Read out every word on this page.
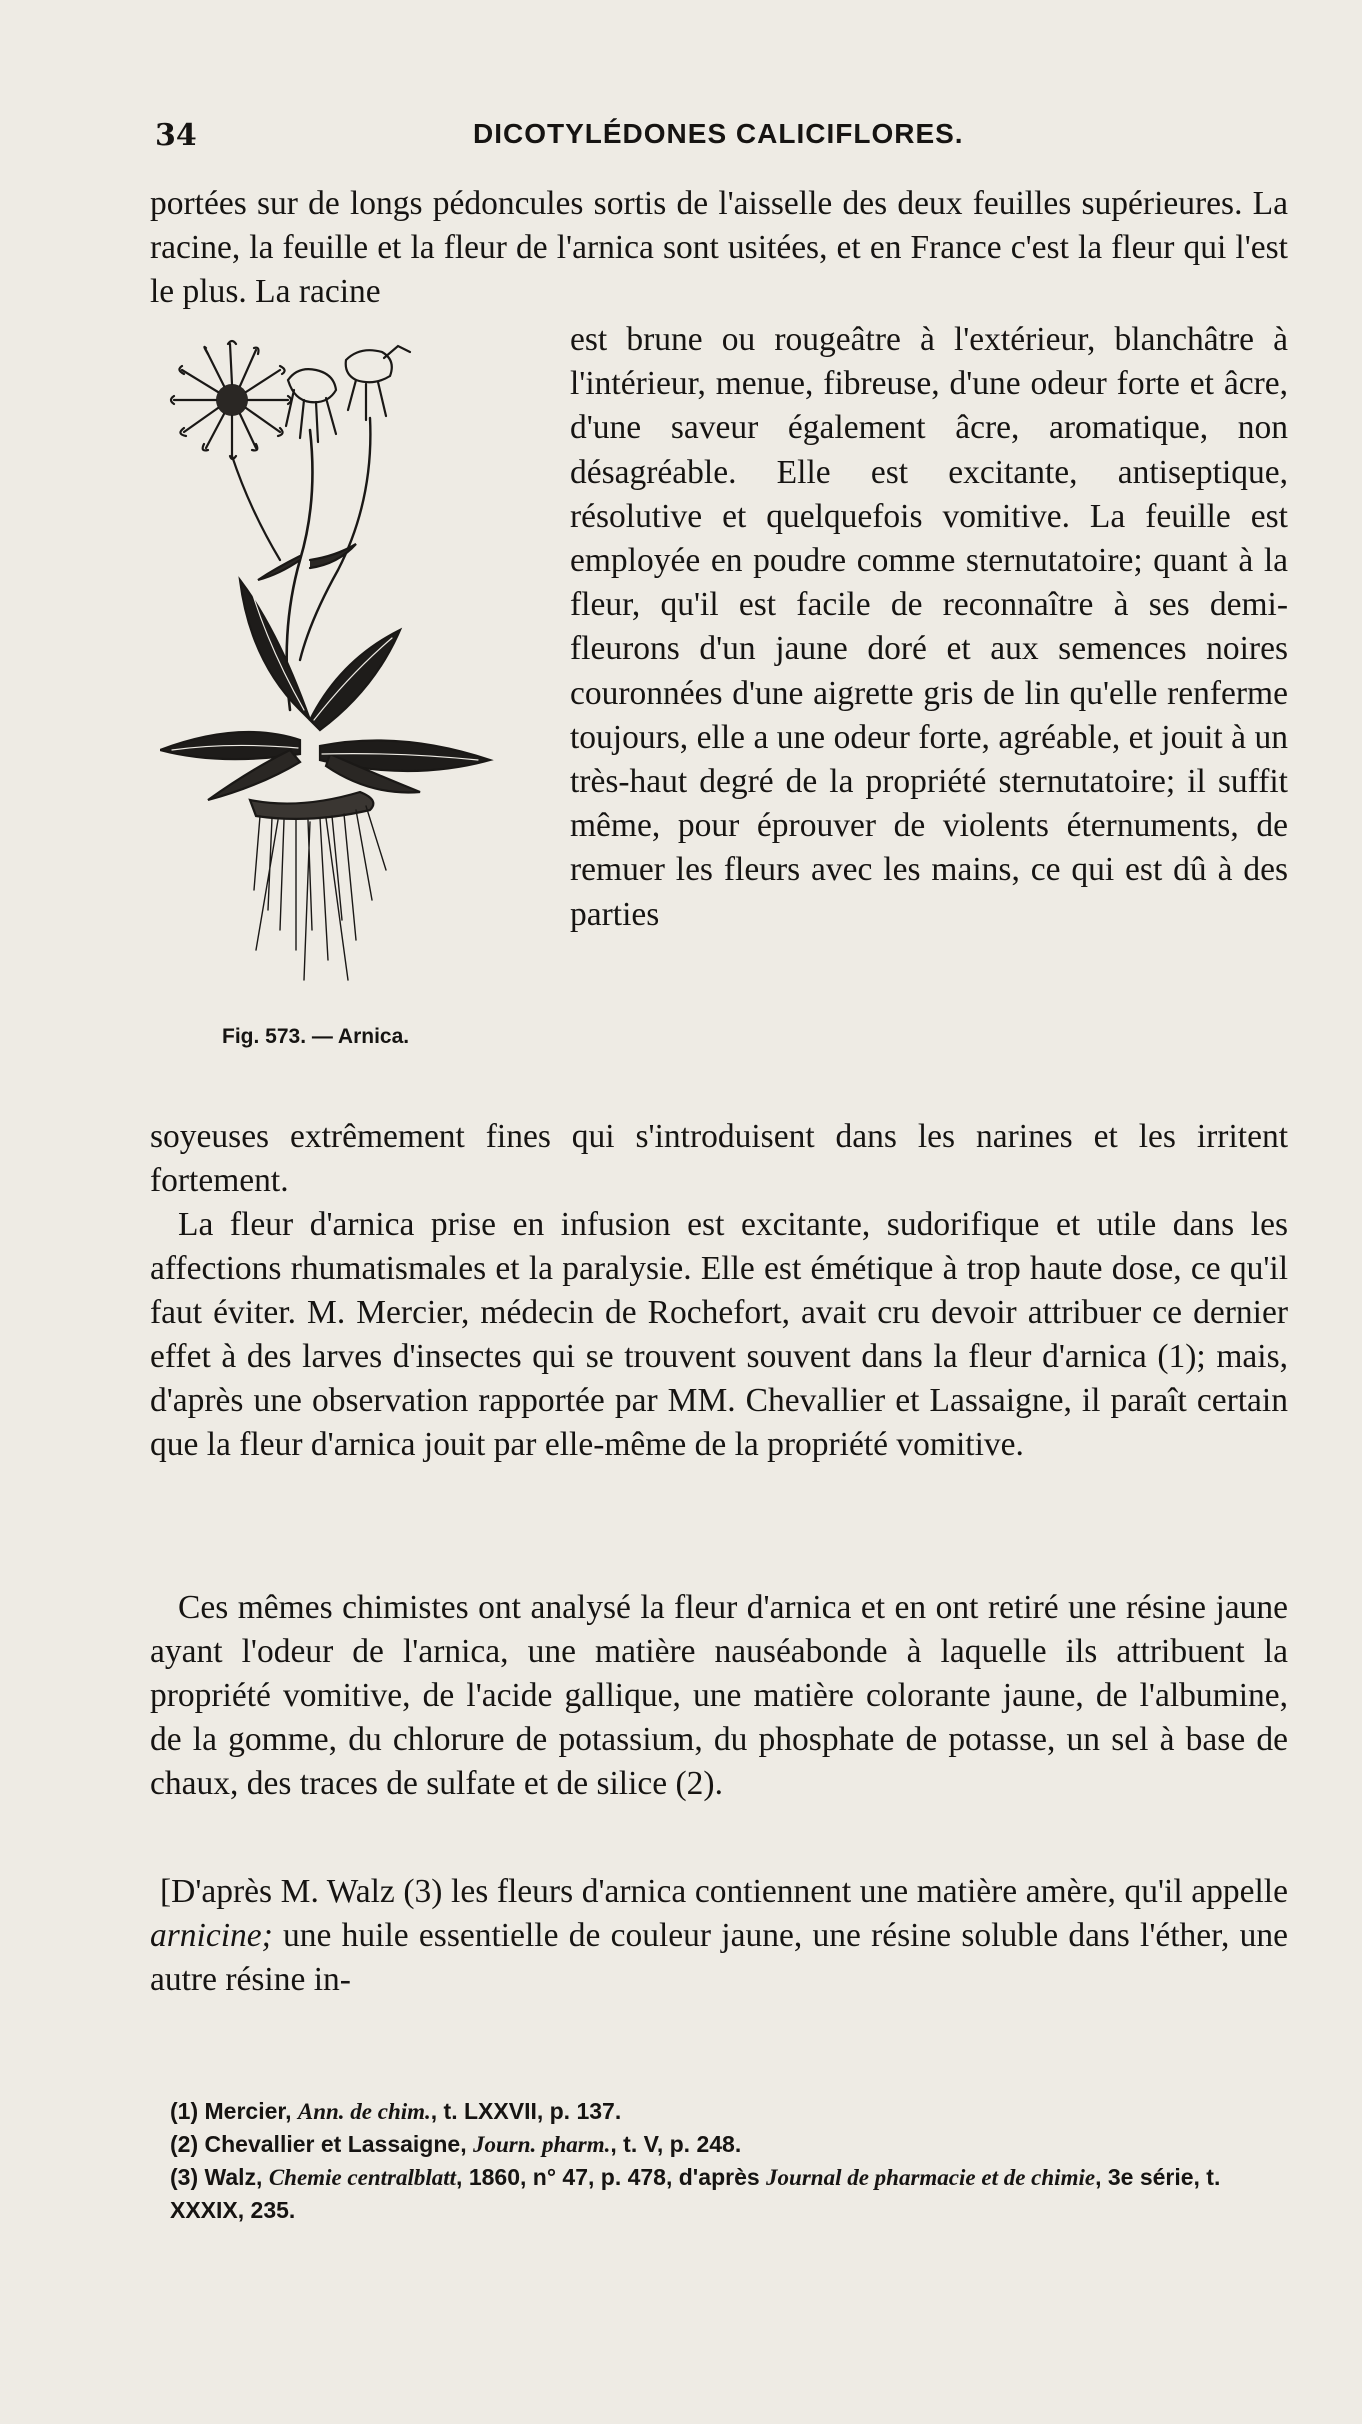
34	DICOTYLÉDONES CALICIFLORES.

portées sur de longs pédoncules sortis de l'aisselle des deux feuilles supérieures. La racine, la feuille et la fleur de l'arnica sont usitées, et en France c'est la fleur qui l'est le plus. La racine

Fig. 573. — Arnica.

est brune ou rougeâtre à l'extérieur, blanchâtre à l'intérieur, menue, fibreuse, d'une odeur forte et âcre, d'une saveur également âcre, aromatique, non désagréable. Elle est excitante, antiseptique, résolutive et quelquefois vomitive. La feuille est employée en poudre comme sternutatoire; quant à la fleur, qu'il est facile de reconnaître à ses demi-fleurons d'un jaune doré et aux semences noires couronnées d'une aigrette gris de lin qu'elle renferme toujours, elle a une odeur forte, agréable, et jouit à un très-haut degré de la propriété sternutatoire; il suffit même, pour éprouver de violents éternuments, de remuer les fleurs avec les mains, ce qui est dû à des parties

soyeuses extrêmement fines qui s'introduisent dans les narines et les irritent fortement.

La fleur d'arnica prise en infusion est excitante, sudorifique et utile dans les affections rhumatismales et la paralysie. Elle est émétique à trop haute dose, ce qu'il faut éviter. M. Mercier, médecin de Rochefort, avait cru devoir attribuer ce dernier effet à des larves d'insectes qui se trouvent souvent dans la fleur d'arnica (1); mais, d'après une observation rapportée par MM. Chevallier et Lassaigne, il paraît certain que la fleur d'arnica jouit par elle-même de la propriété vomitive.

Ces mêmes chimistes ont analysé la fleur d'arnica et en ont retiré une résine jaune ayant l'odeur de l'arnica, une matière nauséabonde à laquelle ils attribuent la propriété vomitive, de l'acide gallique, une matière colorante jaune, de l'albumine, de la gomme, du chlorure de potassium, du phosphate de potasse, un sel à base de chaux, des traces de sulfate et de silice (2).

[D'après M. Walz (3) les fleurs d'arnica contiennent une matière amère, qu'il appelle arnicine; une huile essentielle de couleur jaune, une résine soluble dans l'éther, une autre résine in-

(1) Mercier, Ann. de chim., t. LXXVII, p. 137.

(2) Chevallier et Lassaigne, Journ. pharm., t. V, p. 248.

(3) Walz, Chemie centralblatt, 1860, n° 47, p. 478, d'après Journal de pharmacie et de chimie, 3e série, t. XXXIX, 235.
